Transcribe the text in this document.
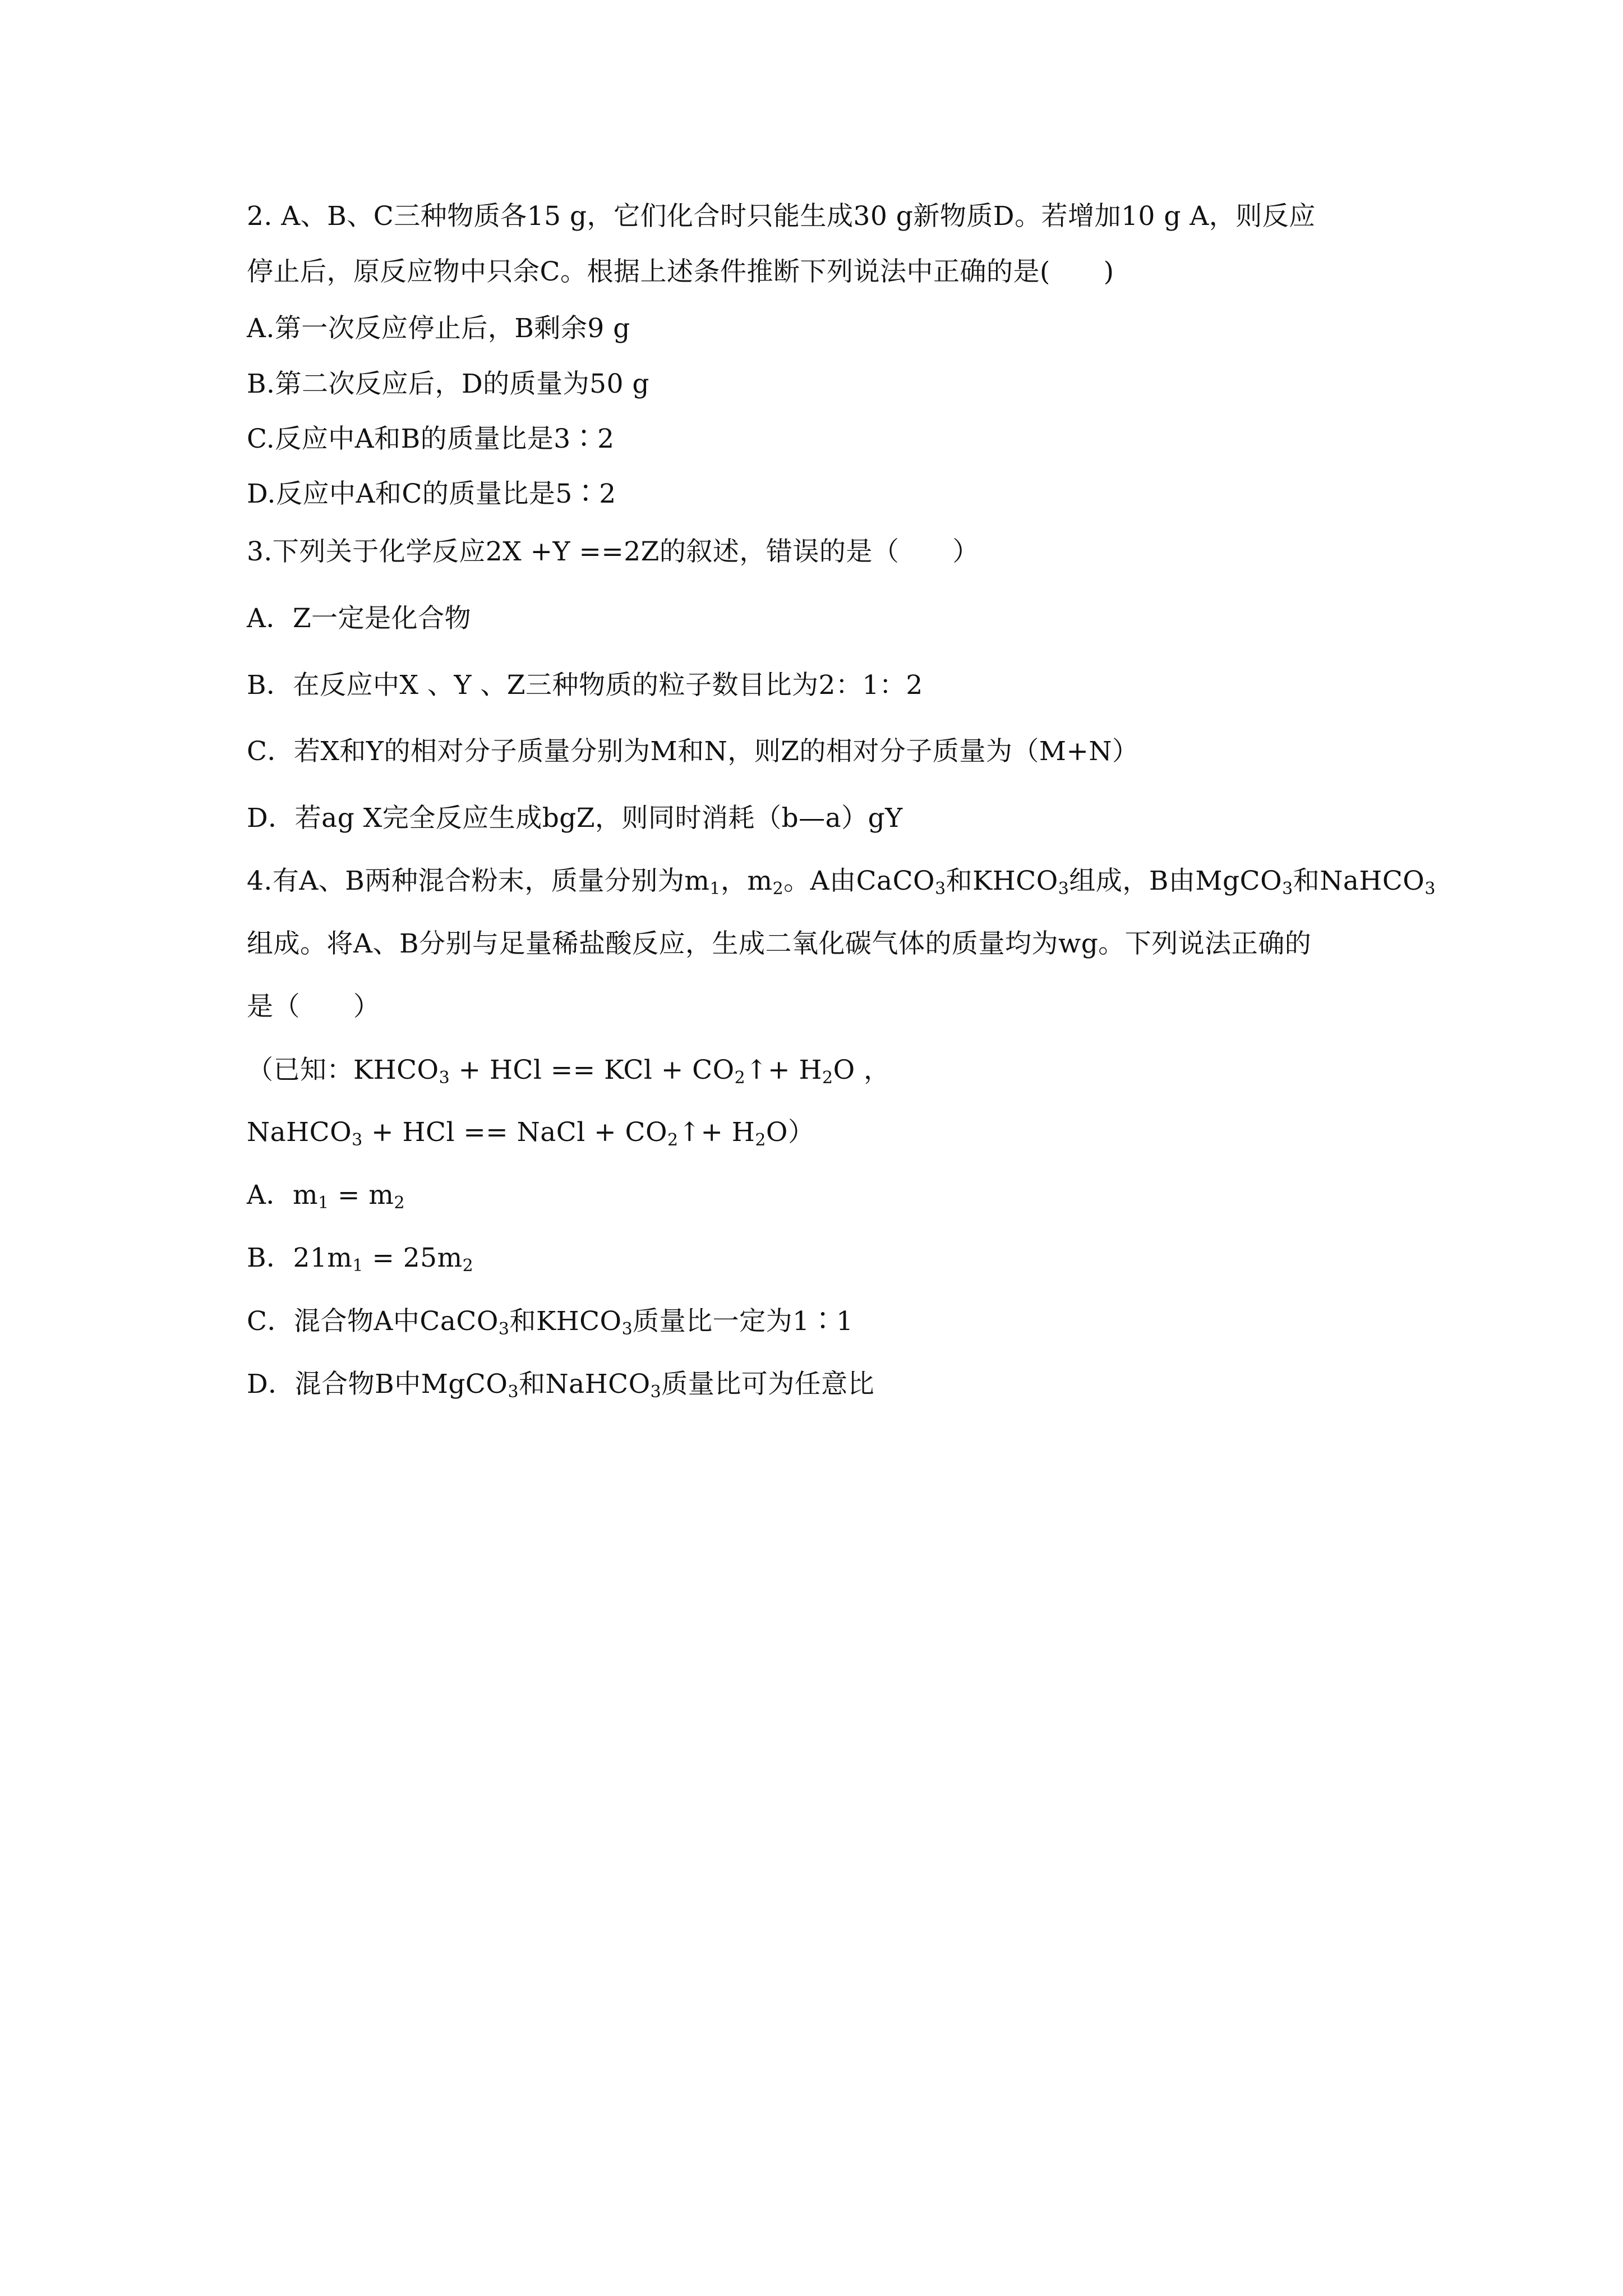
2. A、B、C三种物质各15 g，它们化合时只能生成30 g新物质D。若增加10 g A，则反应
停止后，原反应物中只余C。根据上述条件推断下列说法中正确的是(　　)
A.第一次反应停止后，B剩余9 g
B.第二次反应后，D的质量为50 g
C.反应中A和B的质量比是3∶2
D.反应中A和C的质量比是5∶2
3.下列关于化学反应2X +Y ==2Z的叙述，错误的是（　　）
A．Z一定是化合物
B．在反应中X 、Y 、Z三种物质的粒子数目比为2：1：2
C．若X和Y的相对分子质量分别为M和N，则Z的相对分子质量为（M+N）
D．若ag X完全反应生成bgZ，则同时消耗（b—a）gY
4.有A、B两种混合粉末，质量分别为$m_1$，$m_2$。A由CaCO$_3$和$KHCO_3$组成，B由MgCO$_3$和NaHCO$_3$
组成。将A、B分别与足量稀盐酸反应，生成二氧化碳气体的质量均为wg。下列说法正确的
是（　　）
（已知：$KHCO_3$ + HCl == KCl + $CO_2↑+ H_2O$ ，
NaHCO$_3$ + HCl == NaCl + $CO_2↑+ H_2O$）
A．$m_1 = m_2$
B．$21m_1 = 25m_2$
C．混合物A中CaCO$_3$和$KHCO_3$质量比一定为1∶1
D．混合物B中MgCO$_3$和NaHCO$_3$质量比可为任意比
